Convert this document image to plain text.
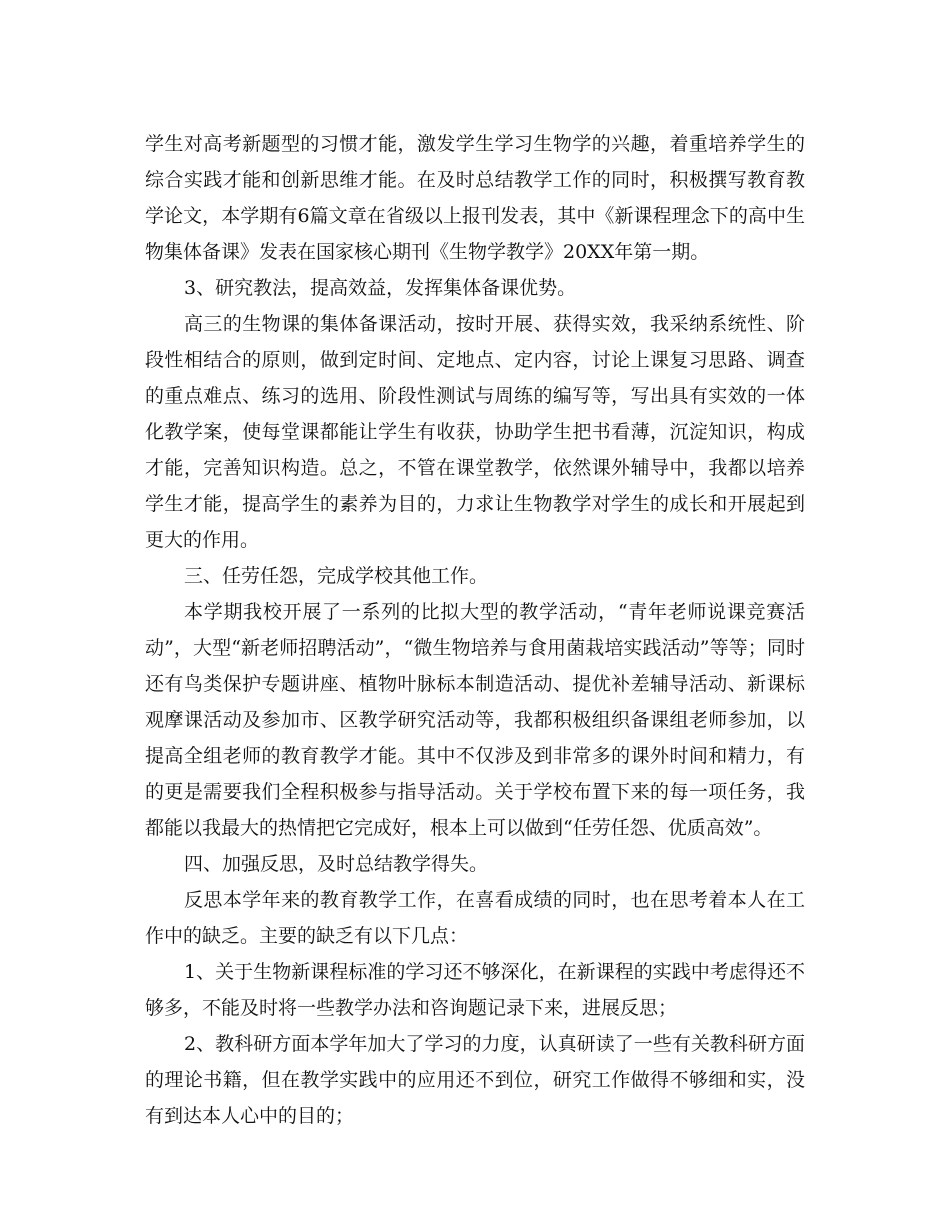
学生对高考新题型的习惯才能，激发学生学习生物学的兴趣，着重培养学生的综合实践才能和创新思维才能。在及时总结教学工作的同时，积极撰写教育教学论文，本学期有6篇文章在省级以上报刊发表，其中《新课程理念下的高中生物集体备课》发表在国家核心期刊《生物学教学》20XX年第一期。

3、研究教法，提高效益，发挥集体备课优势。

高三的生物课的集体备课活动，按时开展、获得实效，我采纳系统性、阶段性相结合的原则，做到定时间、定地点、定内容，讨论上课复习思路、调查的重点难点、练习的选用、阶段性测试与周练的编写等，写出具有实效的一体化教学案，使每堂课都能让学生有收获，协助学生把书看薄，沉淀知识，构成才能，完善知识构造。总之，不管在课堂教学，依然课外辅导中，我都以培养学生才能，提高学生的素养为目的，力求让生物教学对学生的成长和开展起到更大的作用。

三、任劳任怨，完成学校其他工作。

本学期我校开展了一系列的比拟大型的教学活动，“青年老师说课竞赛活动”，大型“新老师招聘活动”，“微生物培养与食用菌栽培实践活动”等等；同时还有鸟类保护专题讲座、植物叶脉标本制造活动、提优补差辅导活动、新课标观摩课活动及参加市、区教学研究活动等，我都积极组织备课组老师参加，以提高全组老师的教育教学才能。其中不仅涉及到非常多的课外时间和精力，有的更是需要我们全程积极参与指导活动。关于学校布置下来的每一项任务，我都能以我最大的热情把它完成好，根本上可以做到“任劳任怨、优质高效”。

四、加强反思，及时总结教学得失。

反思本学年来的教育教学工作，在喜看成绩的同时，也在思考着本人在工作中的缺乏。主要的缺乏有以下几点：

1、关于生物新课程标准的学习还不够深化，在新课程的实践中考虑得还不够多，不能及时将一些教学办法和咨询题记录下来，进展反思；

2、教科研方面本学年加大了学习的力度，认真研读了一些有关教科研方面的理论书籍，但在教学实践中的应用还不到位，研究工作做得不够细和实，没有到达本人心中的目的；
